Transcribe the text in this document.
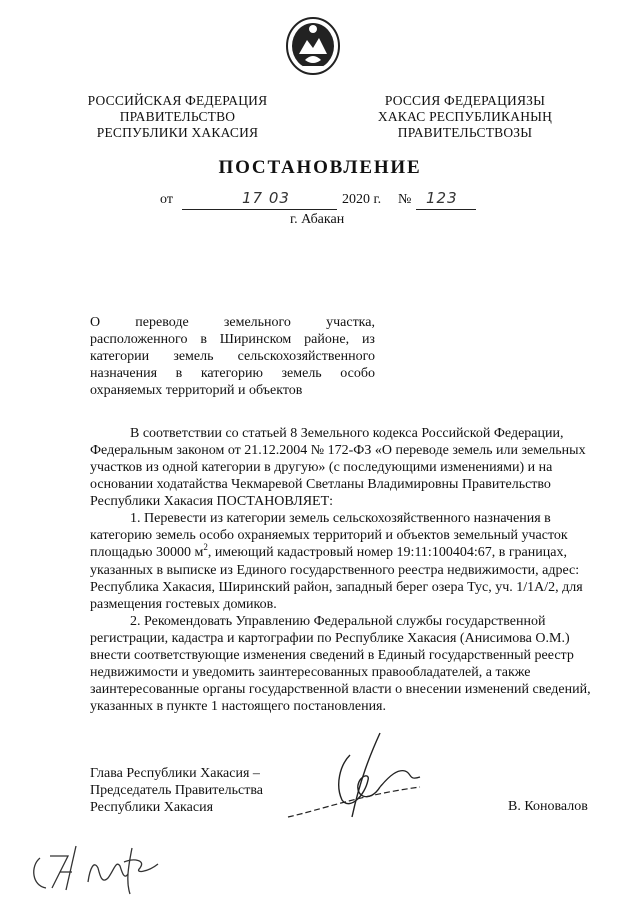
РОССИЙСКАЯ ФЕДЕРАЦИЯ
ПРАВИТЕЛЬСТВО
РЕСПУБЛИКИ ХАКАСИЯ
РОССИЯ ФЕДЕРАЦИЯЗЫ
ХАКАС РЕСПУБЛИКАНЫҢ
ПРАВИТЕЛЬСТВОЗЫ
ПОСТАНОВЛЕНИЕ
от	17 03	2020 г. № 123
г. Абакан
О	переводе	земельного	участка,
расположенного в Ширинском районе, из
категории земель сельскохозяйственного
назначения в категорию земель особо
охраняемых территорий и объектов
В соответствии со статьей 8 Земельного кодекса Российской Федерации,
Федеральным законом от 21.12.2004 № 172-ФЗ «О переводе земель или земельных
участков из одной категории в другую» (с последующими изменениями) и на
основании ходатайства Чекмаревой Светланы Владимировны Правительство
Республики Хакасия ПОСТАНОВЛЯЕТ:
1. Перевести из категории земель сельскохозяйственного назначения в
категорию земель особо охраняемых территорий и объектов земельный участок
площадью 30000 $м^2$, имеющий кадастровый номер 19:11:100404:67, в границах,
указанных в выписке из Единого государственного реестра недвижимости, адрес:
Республика Хакасия, Ширинский район, западный берег озера Тус, уч. 1/1А/2, для
размещения гостевых домиков.
2. Рекомендовать Управлению Федеральной службы государственной
регистрации, кадастра и картографии по Республике Хакасия (Анисимова О.М.)
внести соответствующие изменения сведений в Единый государственный реестр
недвижимости и уведомить заинтересованных правообладателей, а также
заинтересованные органы государственной власти о внесении изменений сведений,
указанных в пункте 1 настоящего постановления.
Глава Республики Хакасия –
Председатель Правительства
Республики Хакасия	В. Коновалов
